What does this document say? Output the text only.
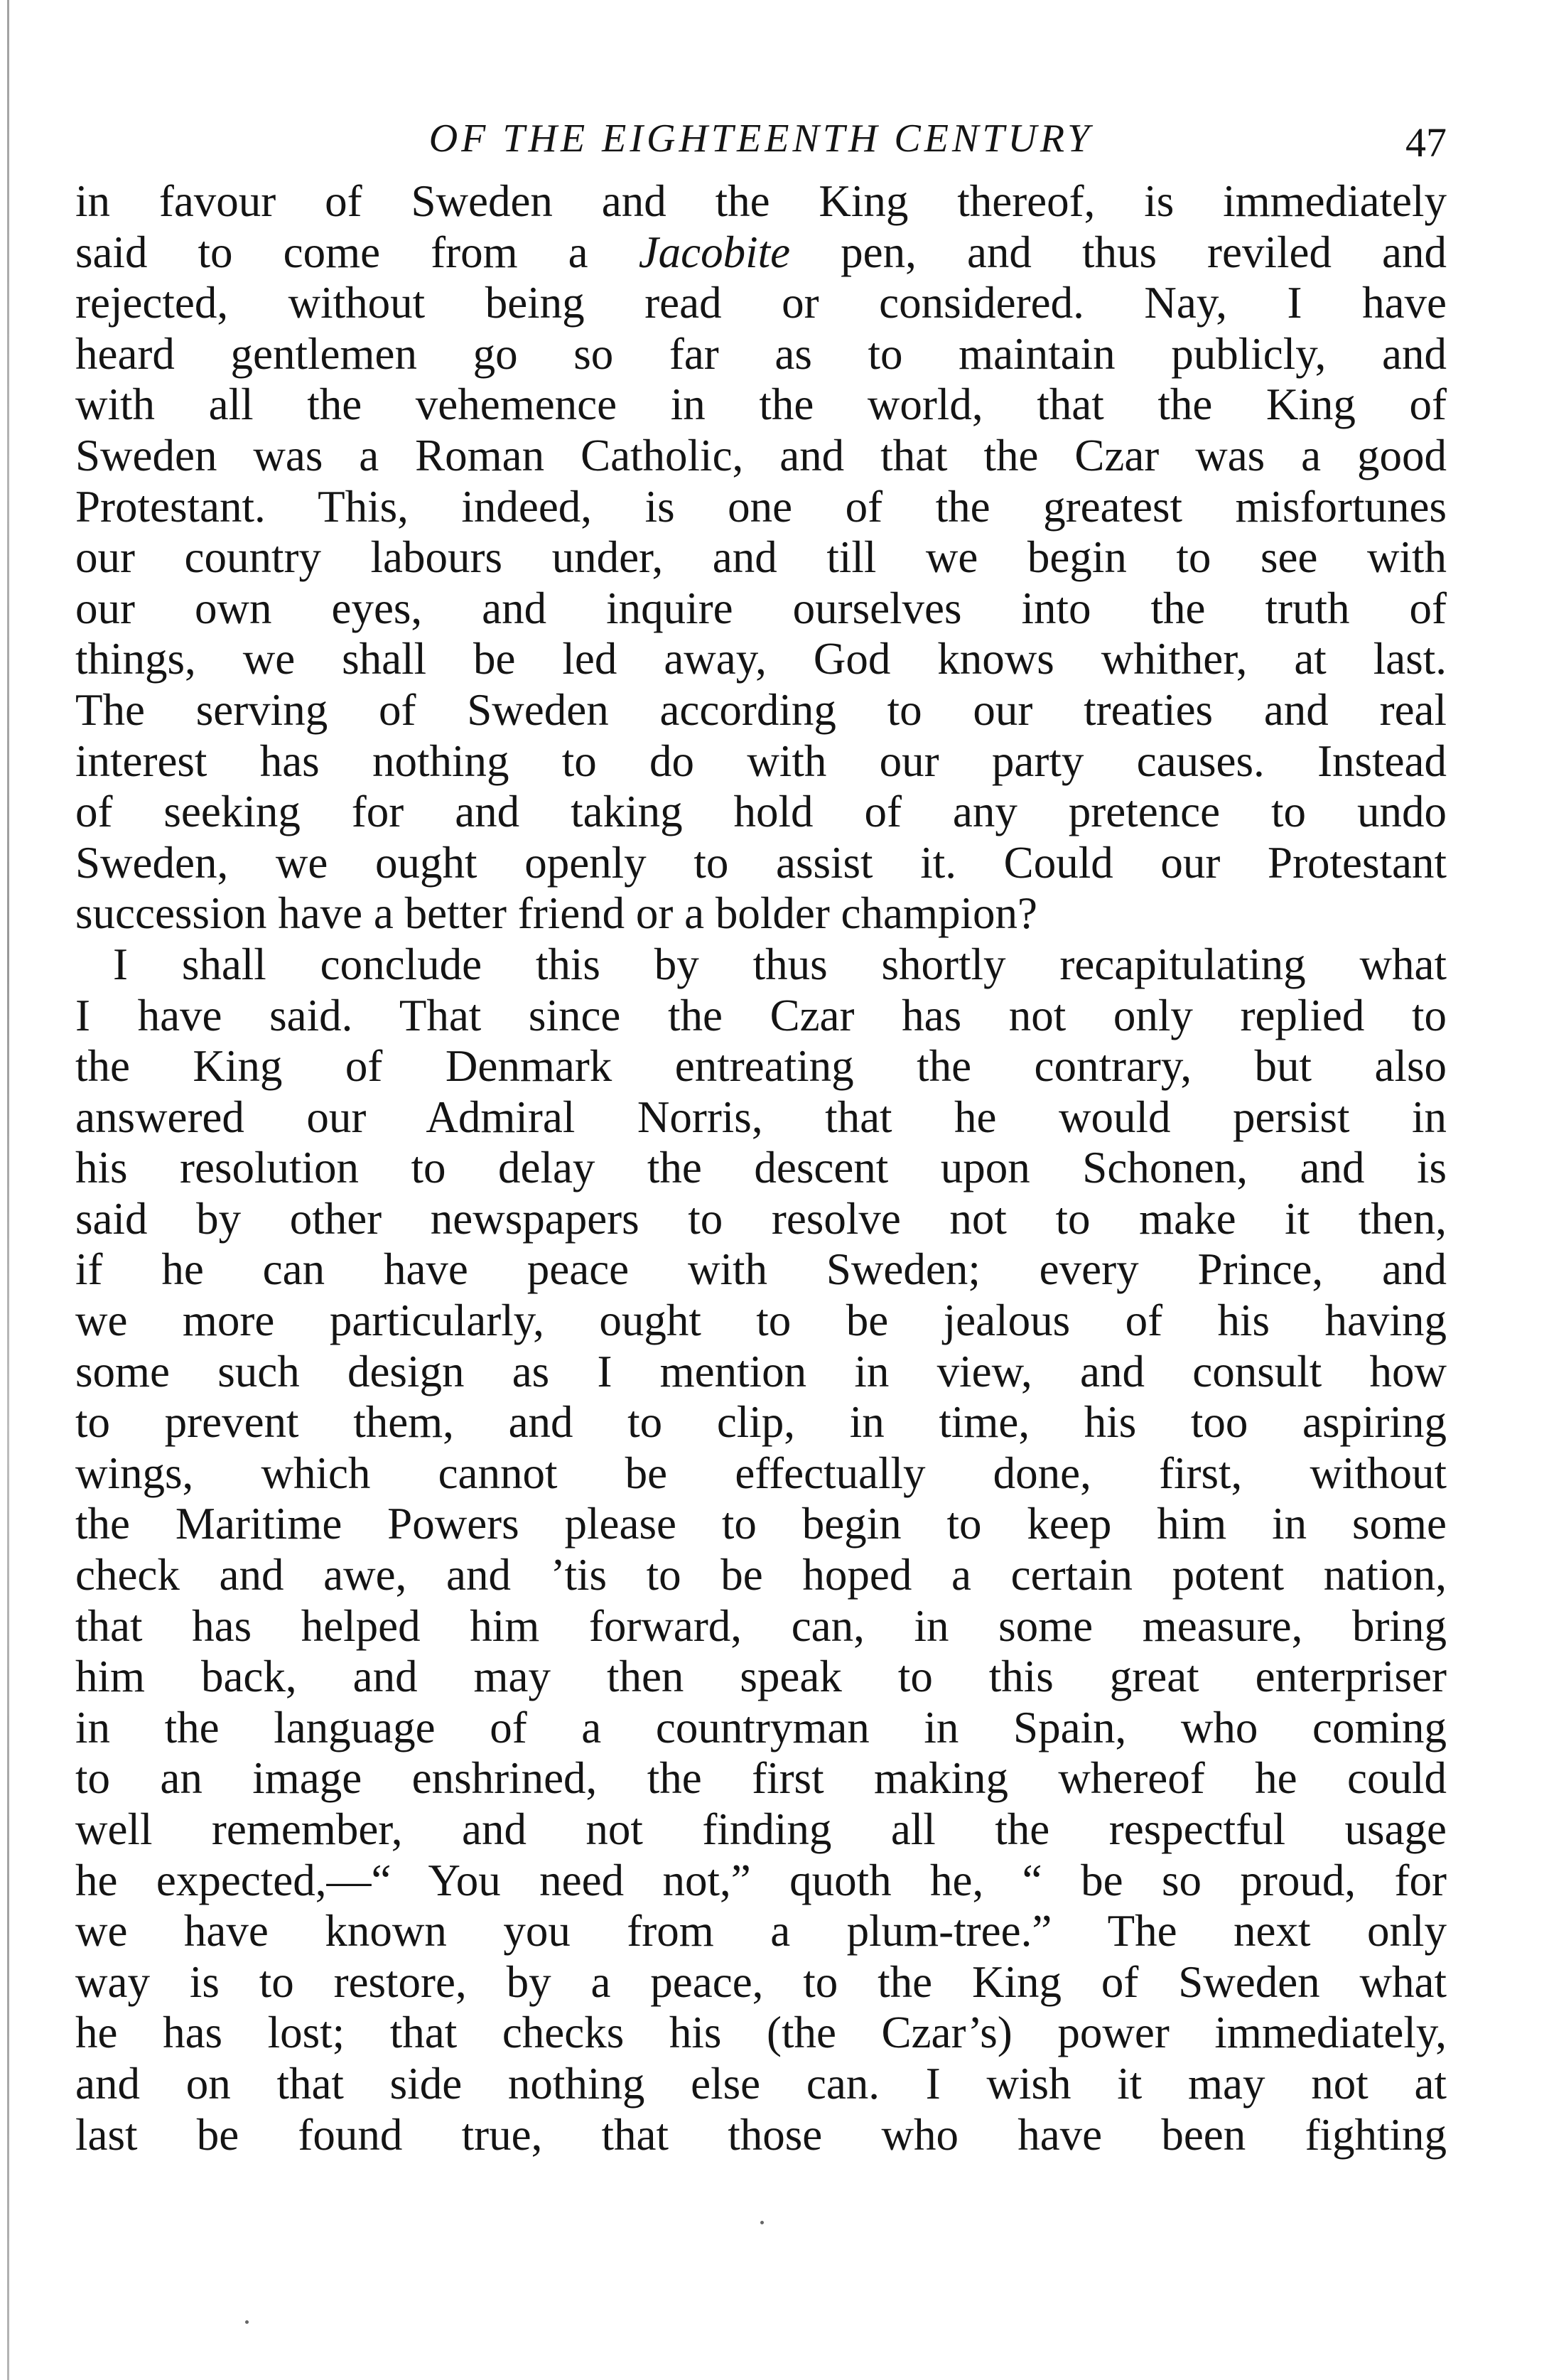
OF THE EIGHTEENTH CENTURY	47
in favour of Sweden and the King thereof, is immediately
said to come from a Jacobite pen, and thus reviled and
rejected, without being read or considered. Nay, I have
heard gentlemen go so far as to maintain publicly, and
with all the vehemence in the world, that the King of
Sweden was a Roman Catholic, and that the Czar was a good
Protestant. This, indeed, is one of the greatest misfortunes
our country labours under, and till we begin to see with
our own eyes, and inquire ourselves into the truth of
things, we shall be led away, God knows whither, at last.
The serving of Sweden according to our treaties and real
interest has nothing to do with our party causes. Instead
of seeking for and taking hold of any pretence to undo
Sweden, we ought openly to assist it. Could our Protestant
succession have a better friend or a bolder champion?
I shall conclude this by thus shortly recapitulating what
I have said. That since the Czar has not only replied to
the King of Denmark entreating the contrary, but also
answered our Admiral Norris, that he would persist in
his resolution to delay the descent upon Schonen, and is
said by other newspapers to resolve not to make it then,
if he can have peace with Sweden; every Prince, and
we more particularly, ought to be jealous of his having
some such design as I mention in view, and consult how
to prevent them, and to clip, in time, his too aspiring
wings, which cannot be effectually done, first, without
the Maritime Powers please to begin to keep him in some
check and awe, and ’tis to be hoped a certain potent nation,
that has helped him forward, can, in some measure, bring
him back, and may then speak to this great enterpriser
in the language of a countryman in Spain, who coming
to an image enshrined, the first making whereof he could
well remember, and not finding all the respectful usage
he expected,—“ You need not,” quoth he, “ be so proud, for
we have known you from a plum-tree.” The next only
way is to restore, by a peace, to the King of Sweden what
he has lost; that checks his (the Czar’s) power immediately,
and on that side nothing else can. I wish it may not at
last be found true, that those who have been fighting
